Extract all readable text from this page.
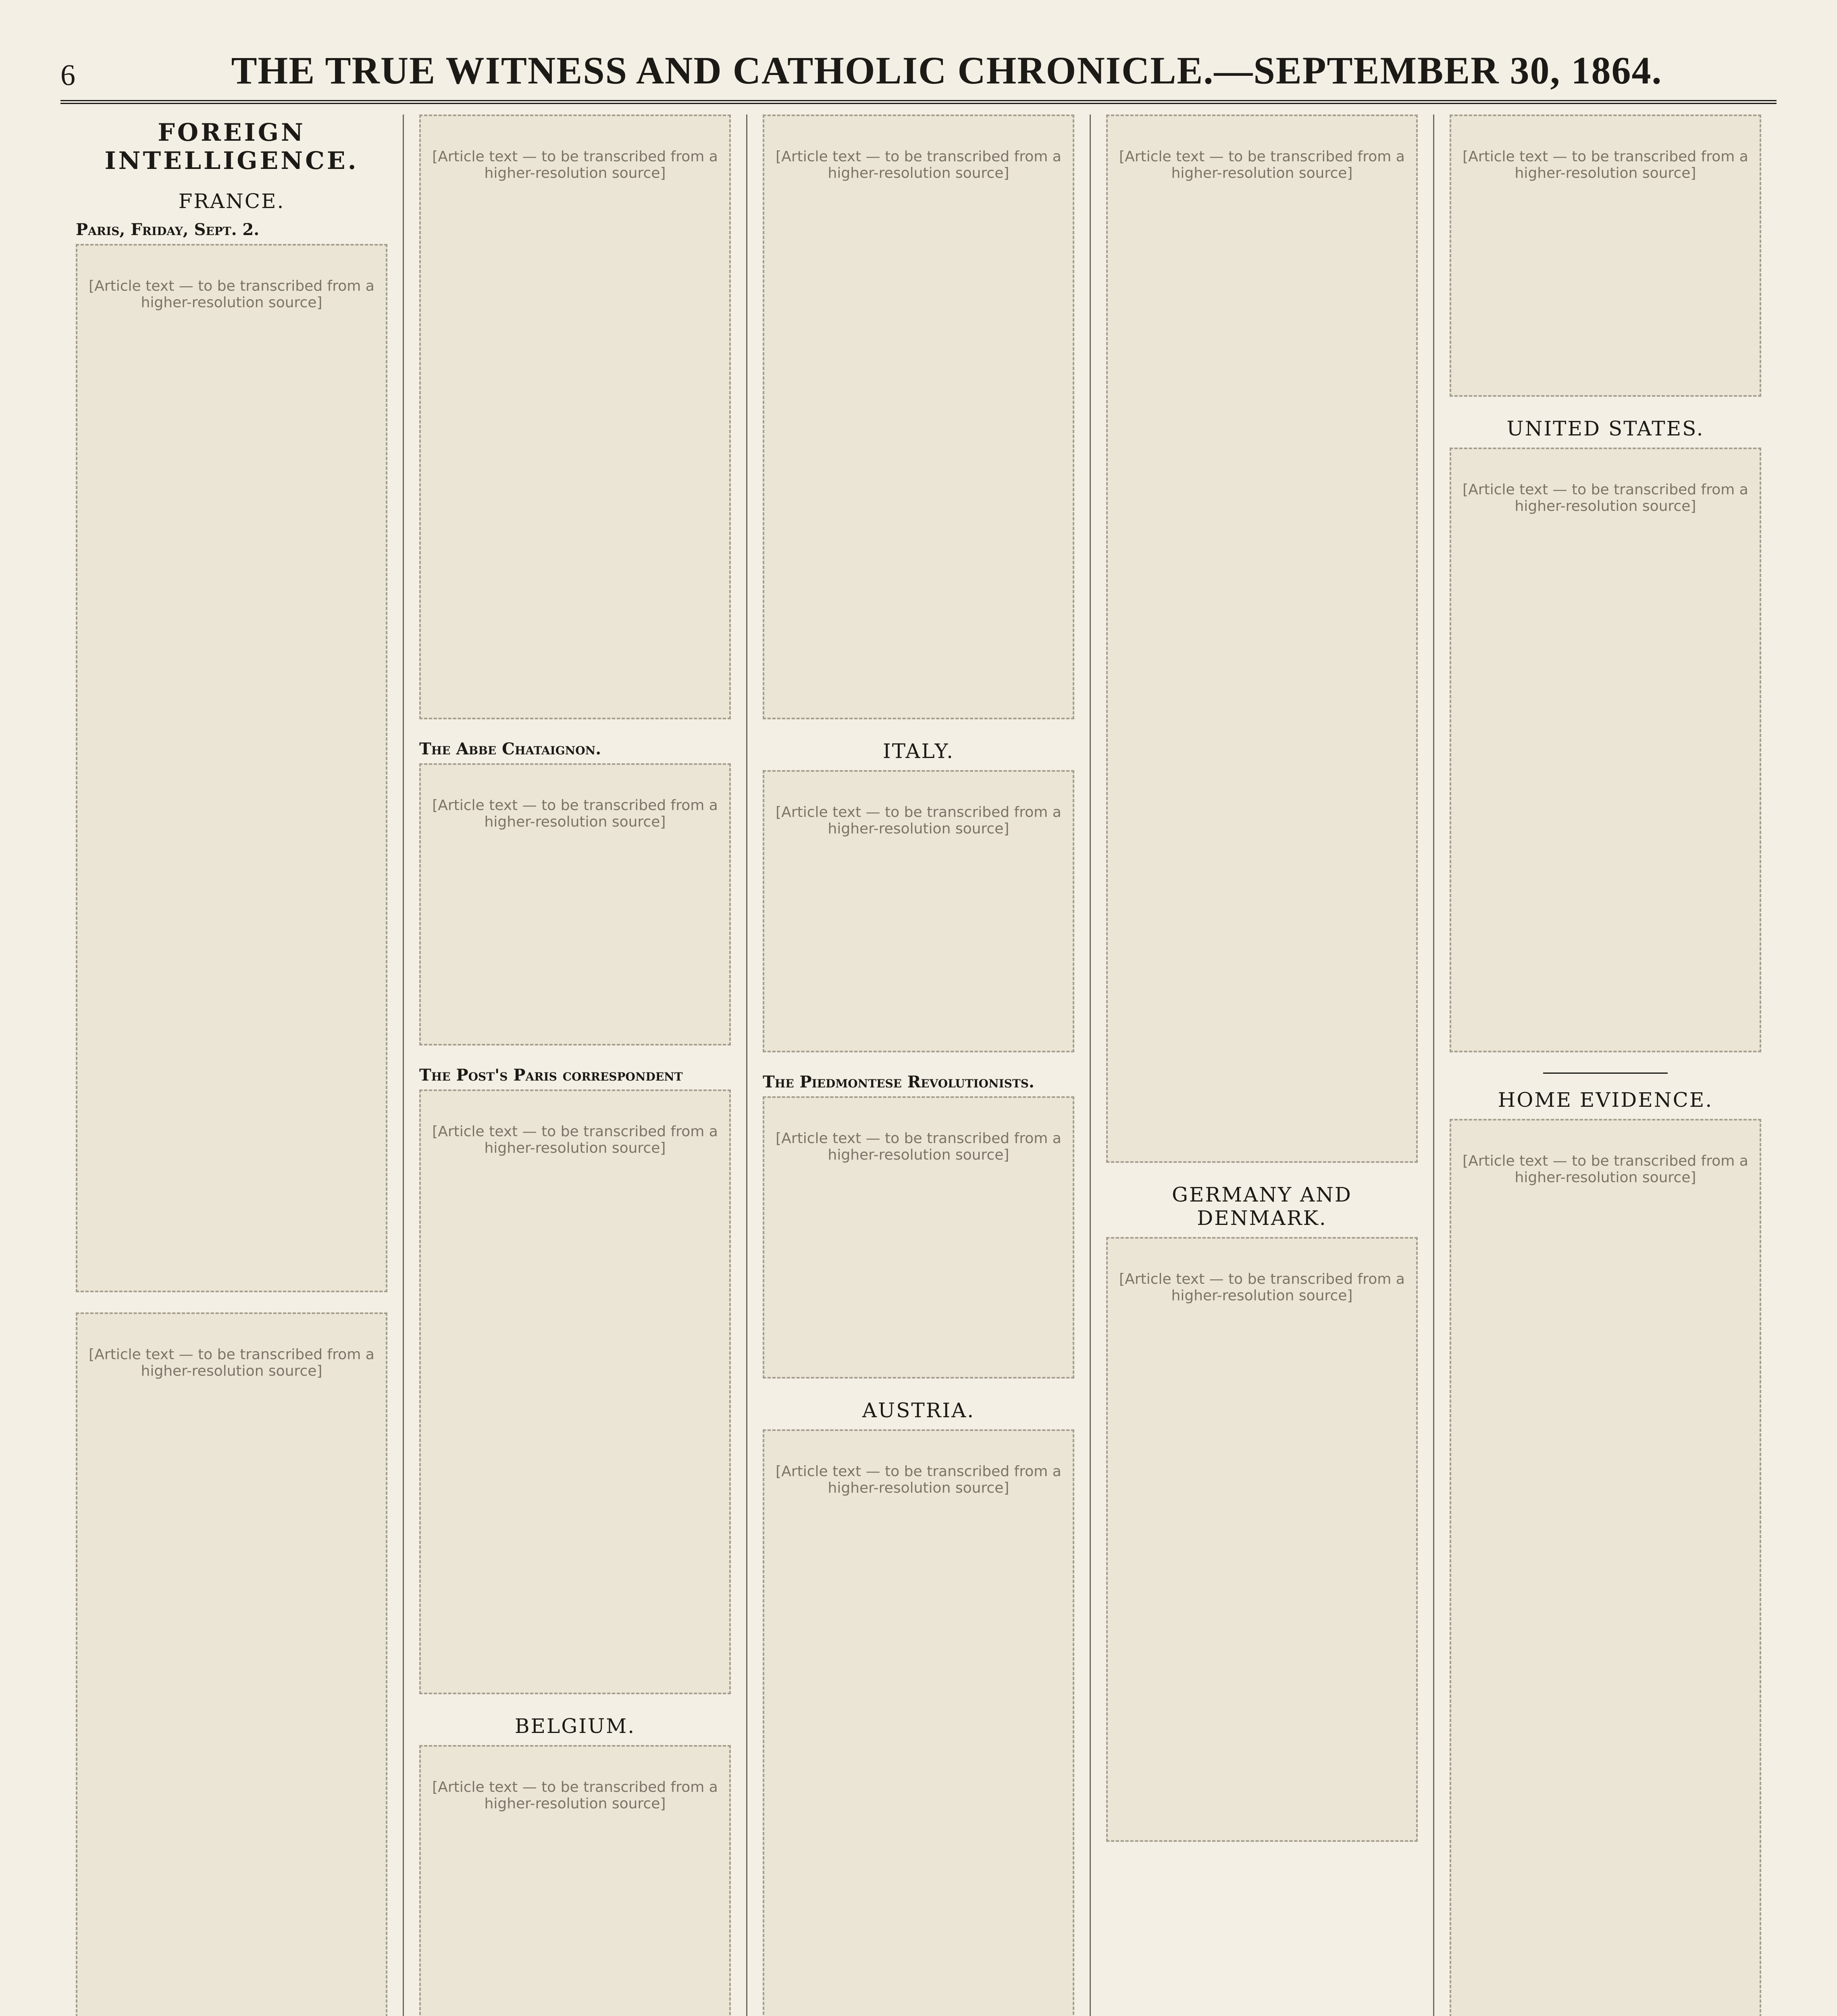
6	THE TRUE WITNESS AND CATHOLIC CHRONICLE.—SEPTEMBER 30, 1864.
FOREIGN INTELLIGENCE.
FRANCE.
Paris, Friday, Sept. 2.
[Article text — to be transcribed from a higher-resolution source]
[Article text — to be transcribed from a higher-resolution source]
[Article text — to be transcribed from a higher-resolution source]
The Abbe Chataignon.
[Article text — to be transcribed from a higher-resolution source]
The Post's Paris correspondent
[Article text — to be transcribed from a higher-resolution source]
BELGIUM.
[Article text — to be transcribed from a higher-resolution source]
[Article text — to be transcribed from a higher-resolution source]
ITALY.
[Article text — to be transcribed from a higher-resolution source]
The Piedmontese Revolutionists.
[Article text — to be transcribed from a higher-resolution source]
AUSTRIA.
[Article text — to be transcribed from a higher-resolution source]
[Article text — to be transcribed from a higher-resolution source]
GERMANY AND DENMARK.
[Article text — to be transcribed from a higher-resolution source]
[Article text — to be transcribed from a higher-resolution source]
UNITED STATES.
[Article text — to be transcribed from a higher-resolution source]
HOME EVIDENCE.
[Article text — to be transcribed from a higher-resolution source]
